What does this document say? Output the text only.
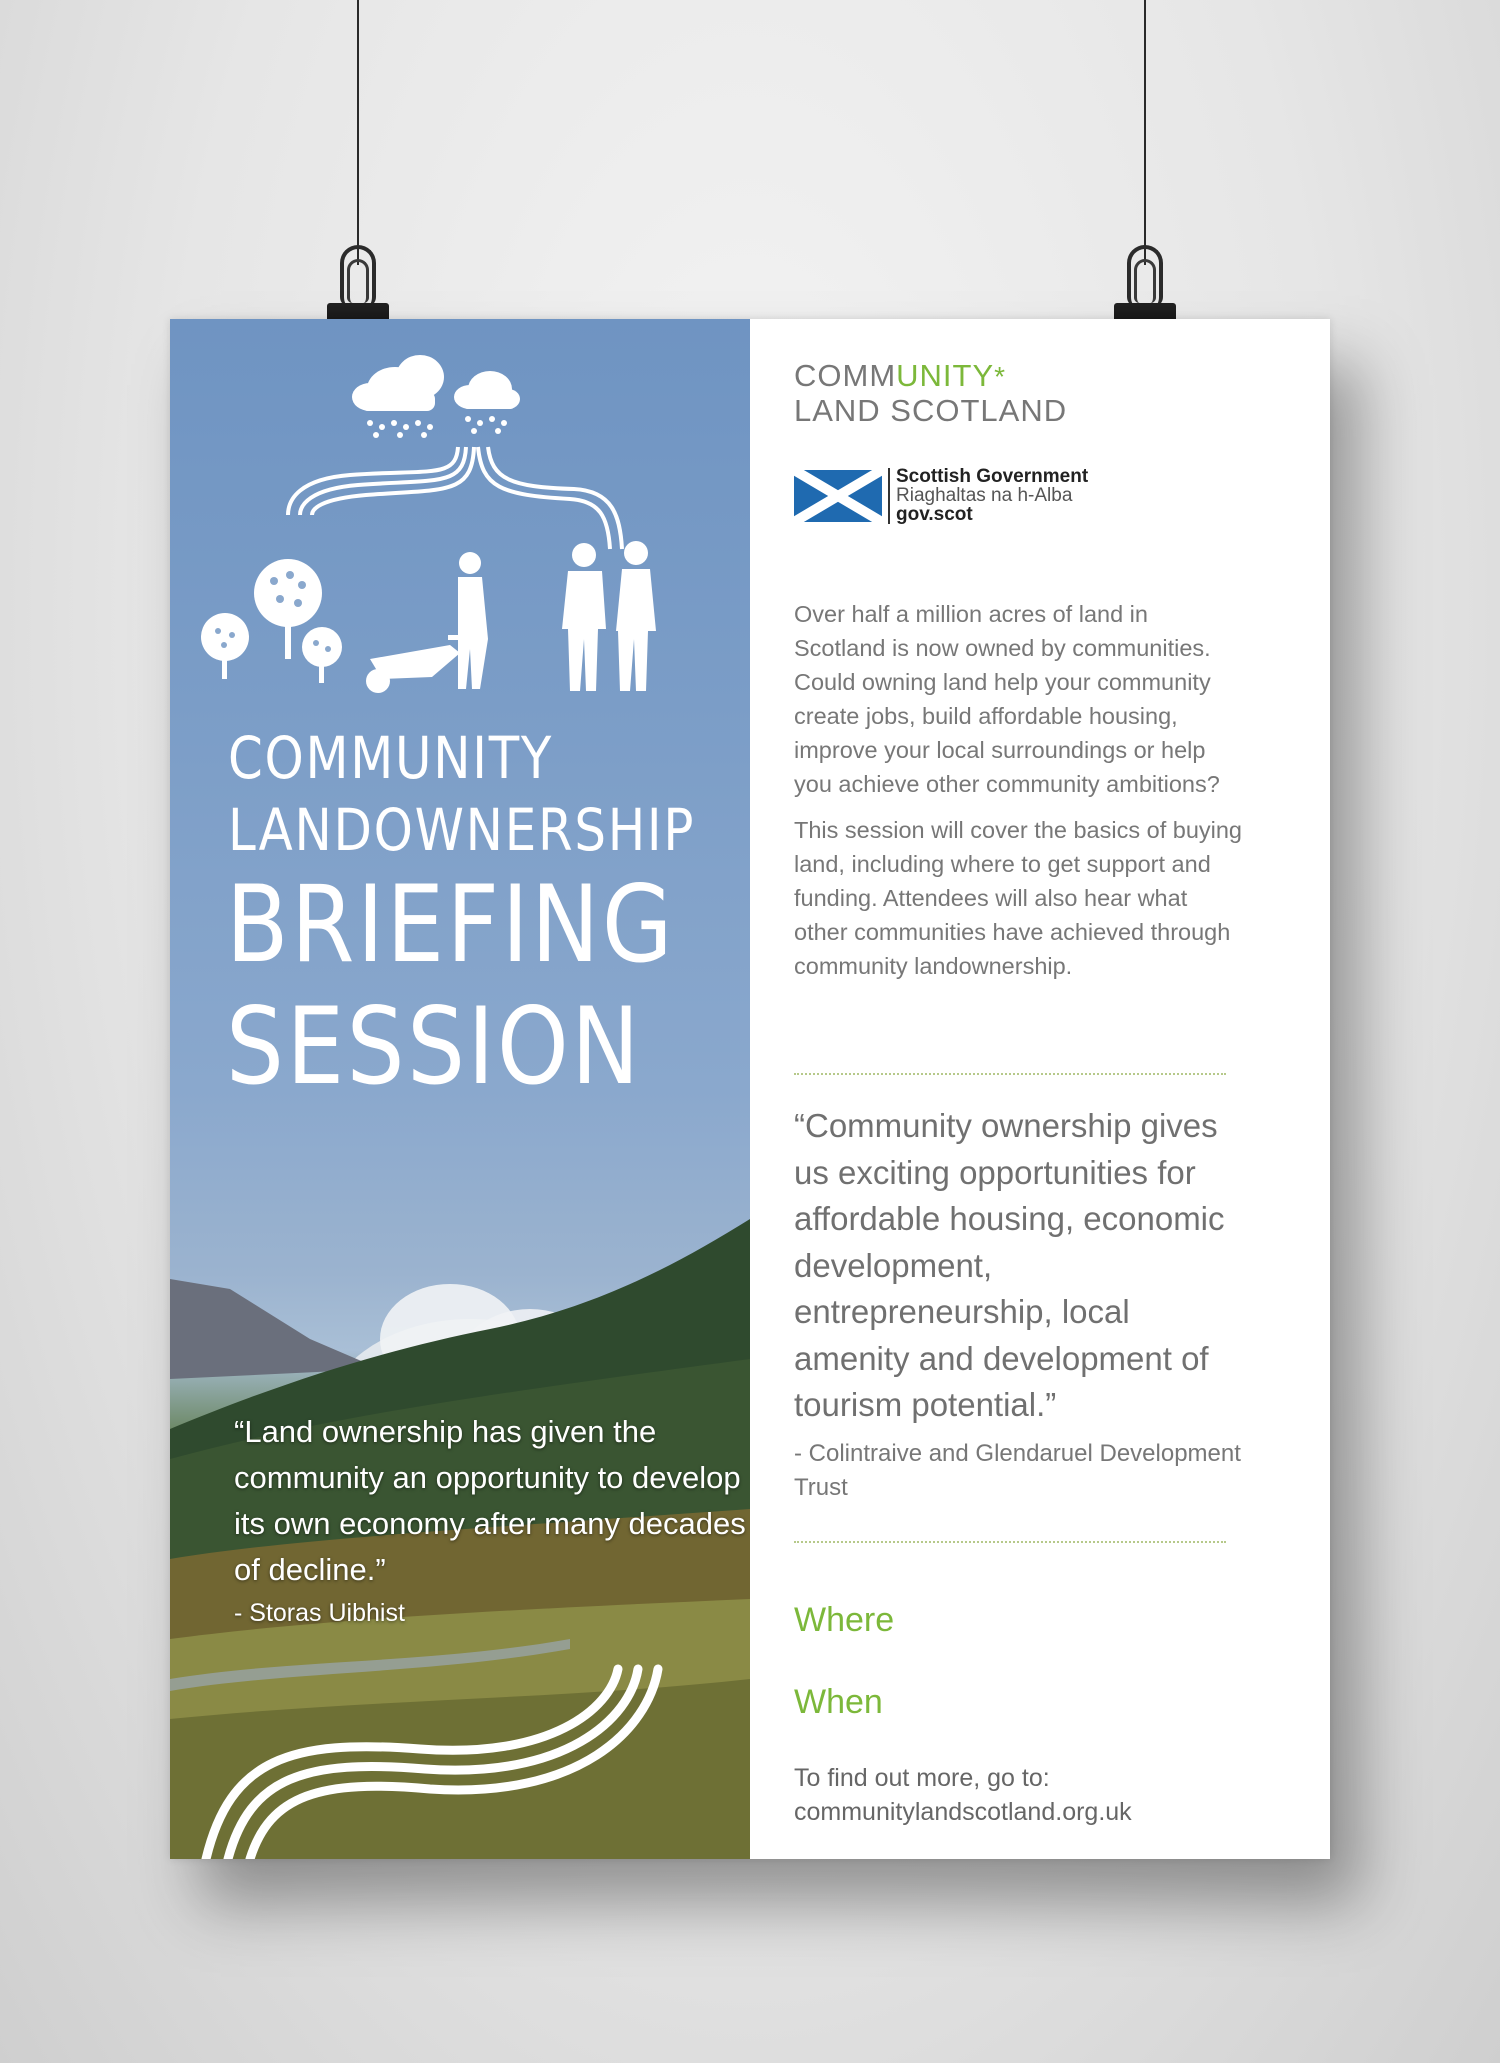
COMMUNITY
LANDOWNERSHIP
BRIEFING
SESSION
“Land ownership has given the community an opportunity to develop its own economy after many decades of decline.”
- Storas Uibhist
COMMUNITY*
LAND SCOTLAND
Scottish Government
Riaghaltas na h-Alba
gov.scot
Over half a million acres of land in Scotland is now owned by communities. Could owning land help your community create jobs, build affordable housing, improve your local surroundings or help you achieve other community ambitions?
This session will cover the basics of buying land, including where to get support and funding. Attendees will also hear what other communities have achieved through community landownership.
“Community ownership gives us exciting opportunities for affordable housing, economic development, entrepreneurship, local amenity and development of tourism potential.”
- Colintraive and Glendaruel Development Trust
Where
When
To find out more, go to:
communitylandscotland.org.uk
